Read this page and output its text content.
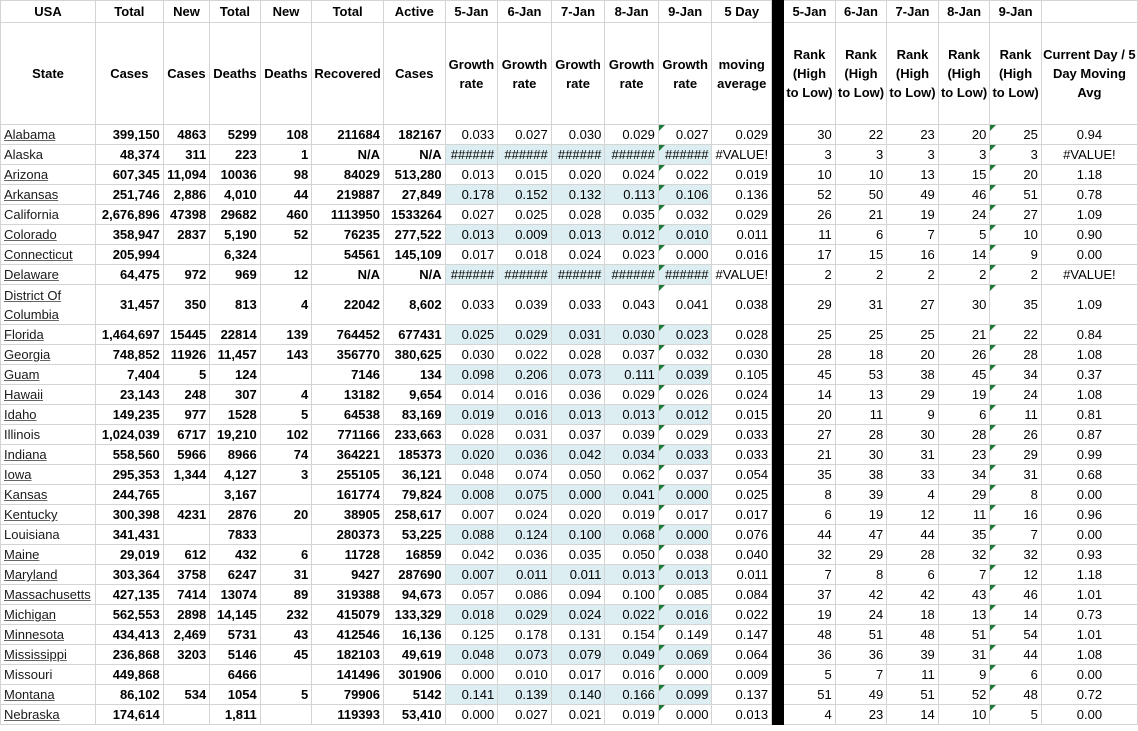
USA	Total	New	Total	New	Total	Active	5-Jan	6-Jan	7-Jan	8-Jan	9-Jan	5 Day		5-Jan	6-Jan	7-Jan	8-Jan	9-Jan	
State	Cases	Cases	Deaths	Deaths	Recovered	Cases	Growth rate	Growth rate	Growth rate	Growth rate	Growth rate	moving average		Rank (High to Low)	Rank (High to Low)	Rank (High to Low)	Rank (High to Low)	Rank (High to Low)	Current Day / 5 Day Moving Avg
Alabama	399,150	4863	5299	108	211684	182167	0.033	0.027	0.030	0.029	0.027	0.029		30	22	23	20	25	0.94
Alaska	48,374	311	223	1	N/A	N/A	######	######	######	######	######	#VALUE!		3	3	3	3	3	#VALUE!
Arizona	607,345	11,094	10036	98	84029	513,280	0.013	0.015	0.020	0.024	0.022	0.019		10	10	13	15	20	1.18
Arkansas	251,746	2,886	4,010	44	219887	27,849	0.178	0.152	0.132	0.113	0.106	0.136		52	50	49	46	51	0.78
California	2,676,896	47398	29682	460	1113950	1533264	0.027	0.025	0.028	0.035	0.032	0.029		26	21	19	24	27	1.09
Colorado	358,947	2837	5,190	52	76235	277,522	0.013	0.009	0.013	0.012	0.010	0.011		11	6	7	5	10	0.90
Connecticut	205,994		6,324		54561	145,109	0.017	0.018	0.024	0.023	0.000	0.016		17	15	16	14	9	0.00
Delaware	64,475	972	969	12	N/A	N/A	######	######	######	######	######	#VALUE!		2	2	2	2	2	#VALUE!
District Of Columbia	31,457	350	813	4	22042	8,602	0.033	0.039	0.033	0.043	0.041	0.038		29	31	27	30	35	1.09
Florida	1,464,697	15445	22814	139	764452	677431	0.025	0.029	0.031	0.030	0.023	0.028		25	25	25	21	22	0.84
Georgia	748,852	11926	11,457	143	356770	380,625	0.030	0.022	0.028	0.037	0.032	0.030		28	18	20	26	28	1.08
Guam	7,404	5	124		7146	134	0.098	0.206	0.073	0.111	0.039	0.105		45	53	38	45	34	0.37
Hawaii	23,143	248	307	4	13182	9,654	0.014	0.016	0.036	0.029	0.026	0.024		14	13	29	19	24	1.08
Idaho	149,235	977	1528	5	64538	83,169	0.019	0.016	0.013	0.013	0.012	0.015		20	11	9	6	11	0.81
Illinois	1,024,039	6717	19,210	102	771166	233,663	0.028	0.031	0.037	0.039	0.029	0.033		27	28	30	28	26	0.87
Indiana	558,560	5966	8966	74	364221	185373	0.020	0.036	0.042	0.034	0.033	0.033		21	30	31	23	29	0.99
Iowa	295,353	1,344	4,127	3	255105	36,121	0.048	0.074	0.050	0.062	0.037	0.054		35	38	33	34	31	0.68
Kansas	244,765		3,167		161774	79,824	0.008	0.075	0.000	0.041	0.000	0.025		8	39	4	29	8	0.00
Kentucky	300,398	4231	2876	20	38905	258,617	0.007	0.024	0.020	0.019	0.017	0.017		6	19	12	11	16	0.96
Louisiana	341,431		7833		280373	53,225	0.088	0.124	0.100	0.068	0.000	0.076		44	47	44	35	7	0.00
Maine	29,019	612	432	6	11728	16859	0.042	0.036	0.035	0.050	0.038	0.040		32	29	28	32	32	0.93
Maryland	303,364	3758	6247	31	9427	287690	0.007	0.011	0.011	0.013	0.013	0.011		7	8	6	7	12	1.18
Massachusetts	427,135	7414	13074	89	319388	94,673	0.057	0.086	0.094	0.100	0.085	0.084		37	42	42	43	46	1.01
Michigan	562,553	2898	14,145	232	415079	133,329	0.018	0.029	0.024	0.022	0.016	0.022		19	24	18	13	14	0.73
Minnesota	434,413	2,469	5731	43	412546	16,136	0.125	0.178	0.131	0.154	0.149	0.147		48	51	48	51	54	1.01
Mississippi	236,868	3203	5146	45	182103	49,619	0.048	0.073	0.079	0.049	0.069	0.064		36	36	39	31	44	1.08
Missouri	449,868		6466		141496	301906	0.000	0.010	0.017	0.016	0.000	0.009		5	7	11	9	6	0.00
Montana	86,102	534	1054	5	79906	5142	0.141	0.139	0.140	0.166	0.099	0.137		51	49	51	52	48	0.72
Nebraska	174,614		1,811		119393	53,410	0.000	0.027	0.021	0.019	0.000	0.013		4	23	14	10	5	0.00
